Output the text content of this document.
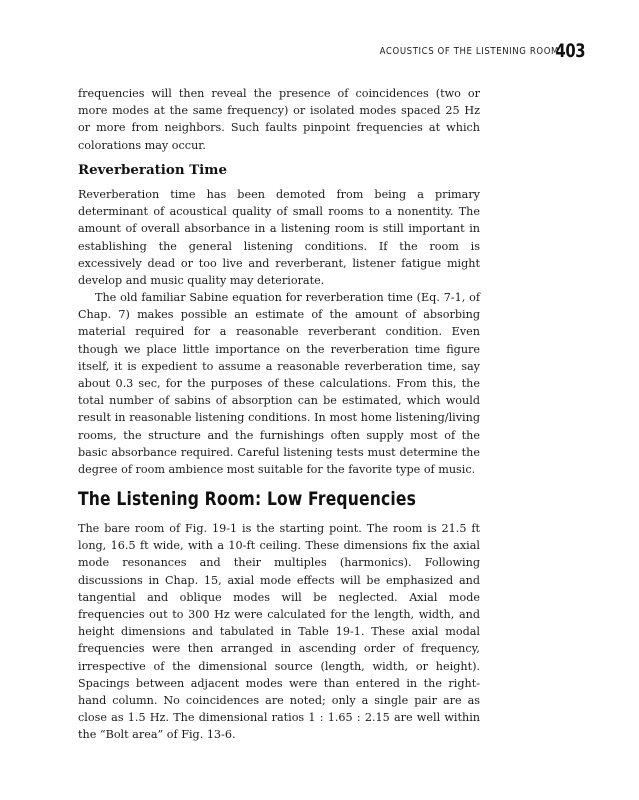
ACOUSTICS OF THE LISTENING ROOM
403

frequencies will then reveal the presence of coincidences (two or more modes at the same frequency) or isolated modes spaced 25 Hz or more from neighbors. Such faults pinpoint frequencies at which colorations may occur.

Reverberation Time

Reverberation time has been demoted from being a primary determinant of acoustical quality of small rooms to a nonentity. The amount of overall absorbance in a listening room is still important in establishing the general listening conditions. If the room is excessively dead or too live and reverberant, listener fatigue might develop and music quality may deteriorate.

The old familiar Sabine equation for reverberation time (Eq. 7-1, of Chap. 7) makes possible an estimate of the amount of absorbing material required for a reasonable reverberant condition. Even though we place little importance on the reverberation time figure itself, it is expedient to assume a reasonable reverberation time, say about 0.3 sec, for the purposes of these calculations. From this, the total number of sabins of absorption can be estimated, which would result in reasonable listening conditions. In most home listening/living rooms, the structure and the furnishings often supply most of the basic absorbance required. Careful listening tests must determine the degree of room ambience most suitable for the favorite type of music.

The Listening Room: Low Frequencies

The bare room of Fig. 19-1 is the starting point. The room is 21.5 ft long, 16.5 ft wide, with a 10-ft ceiling. These dimensions fix the axial mode resonances and their multiples (harmonics). Following discussions in Chap. 15, axial mode effects will be emphasized and tangential and oblique modes will be neglected. Axial mode frequencies out to 300 Hz were calculated for the length, width, and height dimensions and tabulated in Table 19-1. These axial modal frequencies were then arranged in ascending order of frequency, irrespective of the dimensional source (length, width, or height). Spacings between adjacent modes were than entered in the right-hand column. No coincidences are noted; only a single pair are as close as 1.5 Hz. The dimensional ratios 1 : 1.65 : 2.15 are well within the “Bolt area” of Fig. 13-6.
